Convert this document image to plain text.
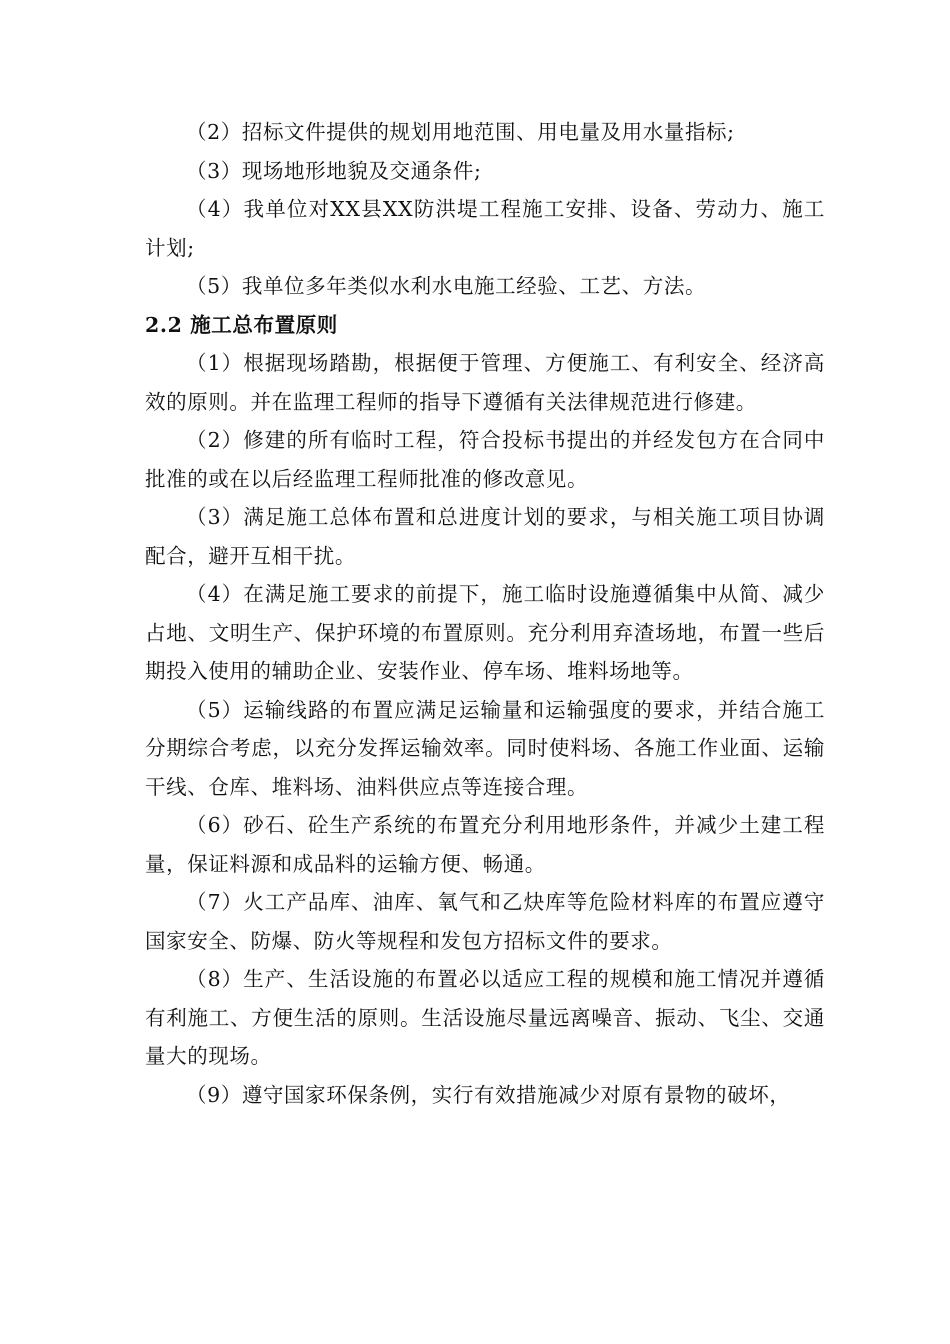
（2）招标文件提供的规划用地范围、用电量及用水量指标;

（3）现场地形地貌及交通条件;

（4）我单位对XX县XX防洪堤工程施工安排、设备、劳动力、施工计划;

（5）我单位多年类似水利水电施工经验、工艺、方法。

2.2 施工总布置原则

（1）根据现场踏勘，根据便于管理、方便施工、有利安全、经济高效的原则。并在监理工程师的指导下遵循有关法律规范进行修建。

（2）修建的所有临时工程，符合投标书提出的并经发包方在合同中批准的或在以后经监理工程师批准的修改意见。

（3）满足施工总体布置和总进度计划的要求，与相关施工项目协调配合，避开互相干扰。

（4）在满足施工要求的前提下，施工临时设施遵循集中从简、减少占地、文明生产、保护环境的布置原则。充分利用弃渣场地，布置一些后期投入使用的辅助企业、安装作业、停车场、堆料场地等。

（5）运输线路的布置应满足运输量和运输强度的要求，并结合施工分期综合考虑，以充分发挥运输效率。同时使料场、各施工作业面、运输干线、仓库、堆料场、油料供应点等连接合理。

（6）砂石、砼生产系统的布置充分利用地形条件，并减少土建工程量，保证料源和成品料的运输方便、畅通。

（7）火工产品库、油库、氧气和乙炔库等危险材料库的布置应遵守国家安全、防爆、防火等规程和发包方招标文件的要求。

（8）生产、生活设施的布置必以适应工程的规模和施工情况并遵循有利施工、方便生活的原则。生活设施尽量远离噪音、振动、飞尘、交通量大的现场。

（9）遵守国家环保条例，实行有效措施减少对原有景物的破坏，
